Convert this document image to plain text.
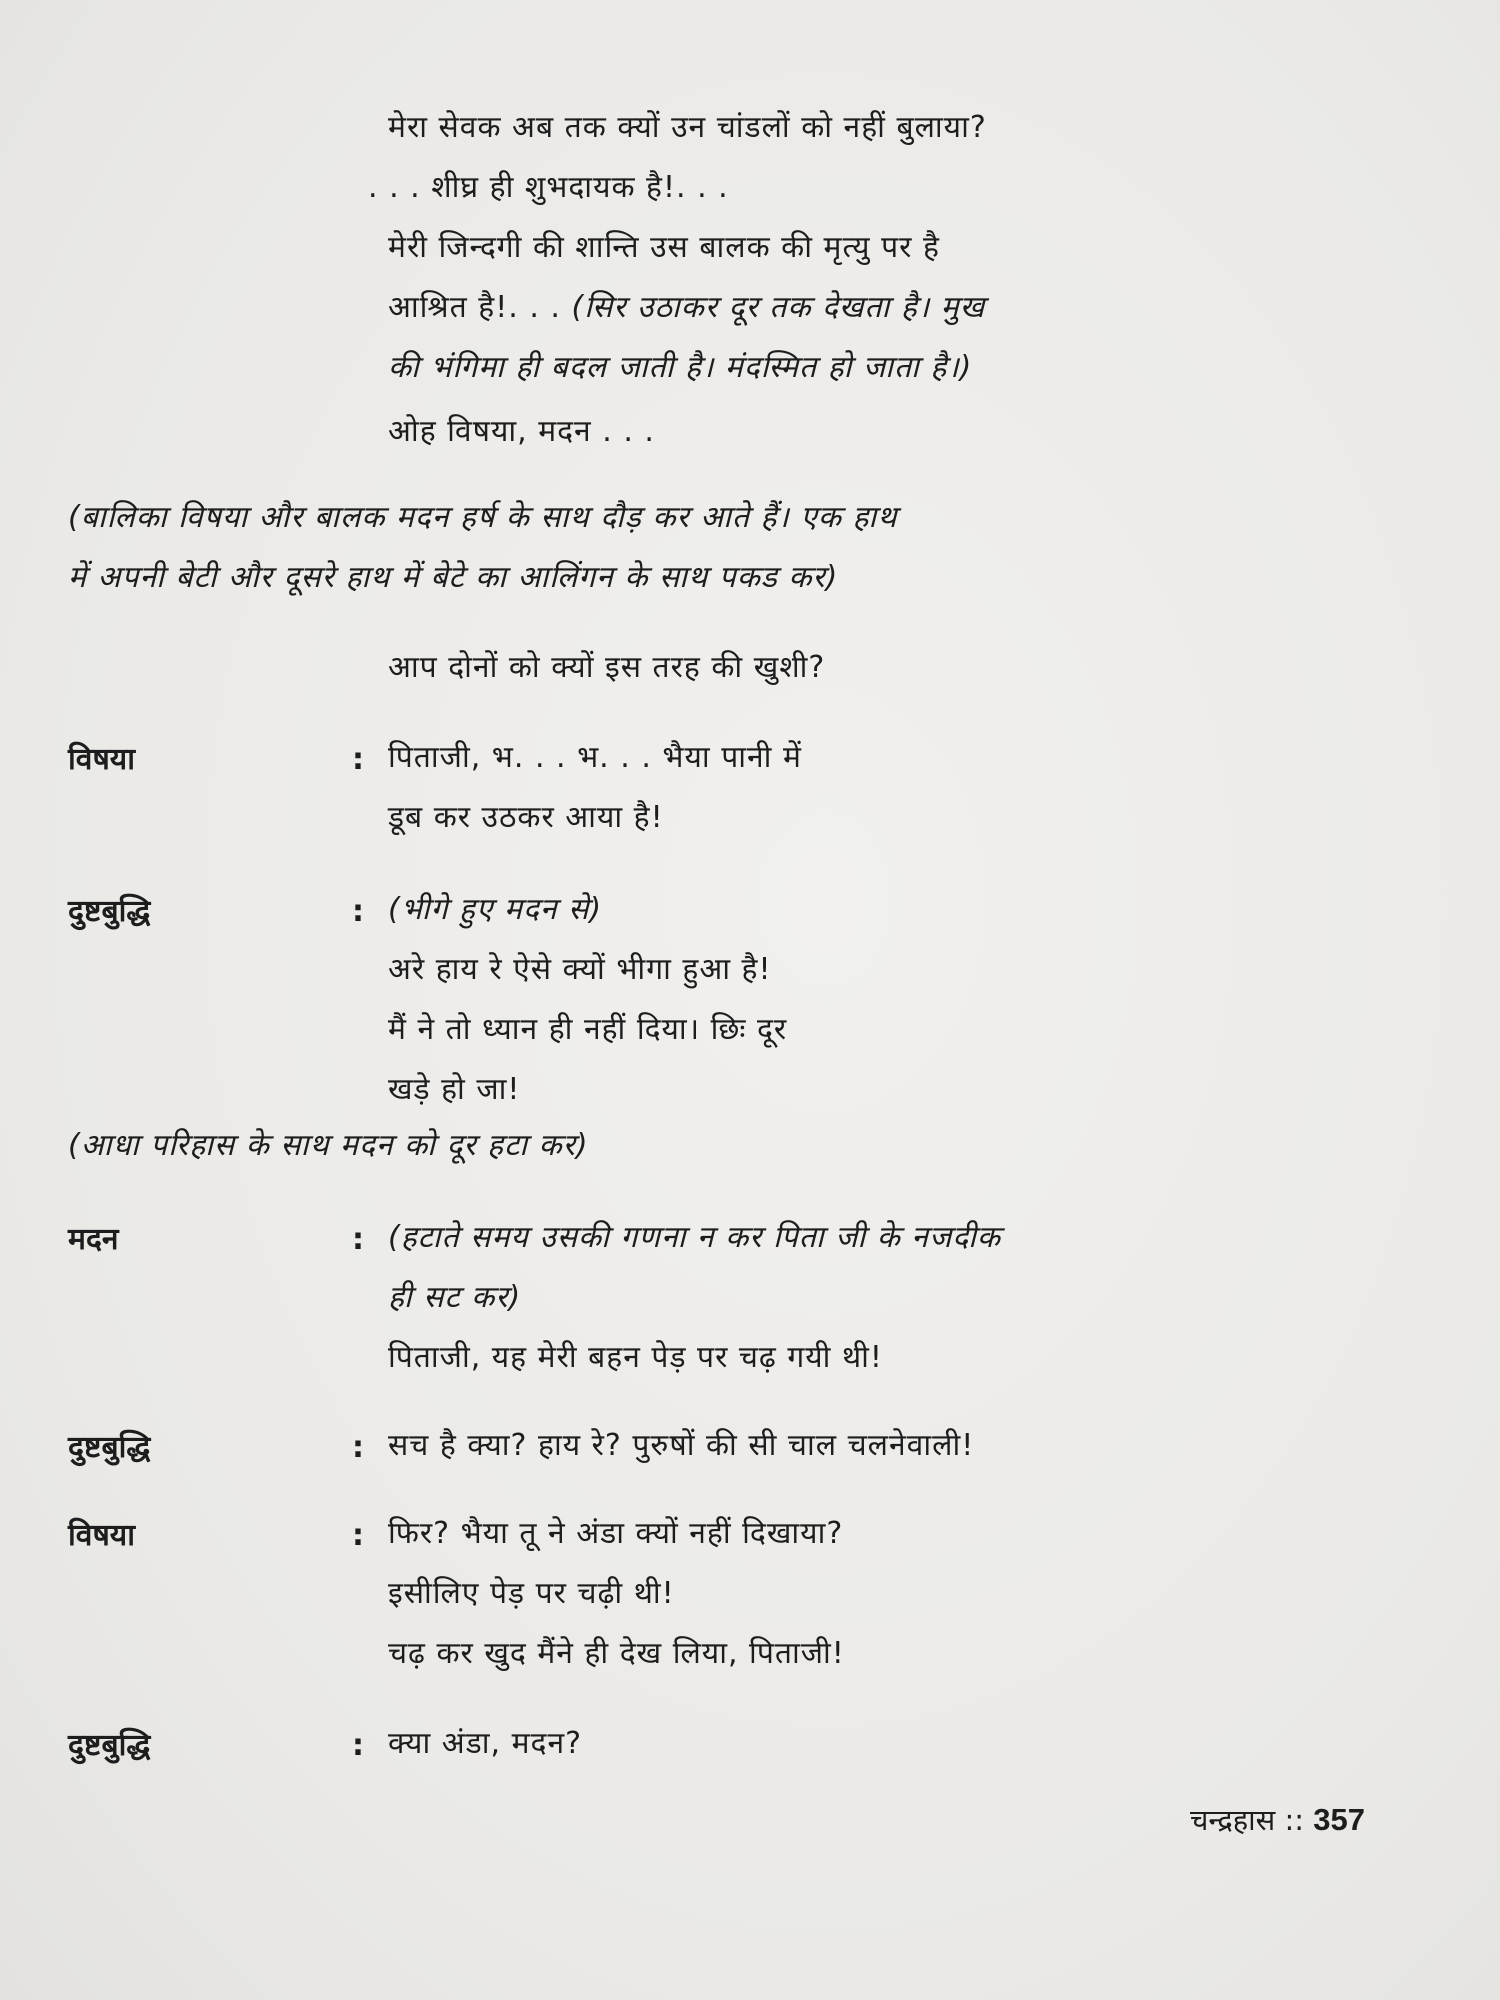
मेरा सेवक अब तक क्यों उन चांडलों को नहीं बुलाया?
. . . शीघ्र ही शुभदायक है!. . .
मेरी जिन्दगी की शान्ति उस बालक की मृत्यु पर है
आश्रित है!. . . (सिर उठाकर दूर तक देखता है। मुख
की भंगिमा ही बदल जाती है। मंदस्मित हो जाता है।)
ओह विषया, मदन . . .
(बालिका विषया और बालक मदन हर्ष के साथ दौड़ कर आते हैं। एक हाथ
में अपनी बेटी और दूसरे हाथ में बेटे का आलिंगन के साथ पकड कर)
आप दोनों को क्यों इस तरह की खुशी?
विषया	: पिताजी, भ. . . भ. . . भैया पानी में
डूब कर उठकर आया है!
दुष्टबुद्धि	: (भीगे हुए मदन से)
अरे हाय रे ऐसे क्यों भीगा हुआ है!
मैं ने तो ध्यान ही नहीं दिया। छिः दूर
खड़े हो जा!
(आधा परिहास के साथ मदन को दूर हटा कर)
मदन	: (हटाते समय उसकी गणना न कर पिता जी के नजदीक
ही सट कर)
पिताजी, यह मेरी बहन पेड़ पर चढ़ गयी थी!
दुष्टबुद्धि	: सच है क्या? हाय रे? पुरुषों की सी चाल चलनेवाली!
विषया	: फिर? भैया तू ने अंडा क्यों नहीं दिखाया?
इसीलिए पेड़ पर चढ़ी थी!
चढ़ कर खुद मैंने ही देख लिया, पिताजी!
दुष्टबुद्धि	: क्या अंडा, मदन?
चन्द्रहास :: 357
